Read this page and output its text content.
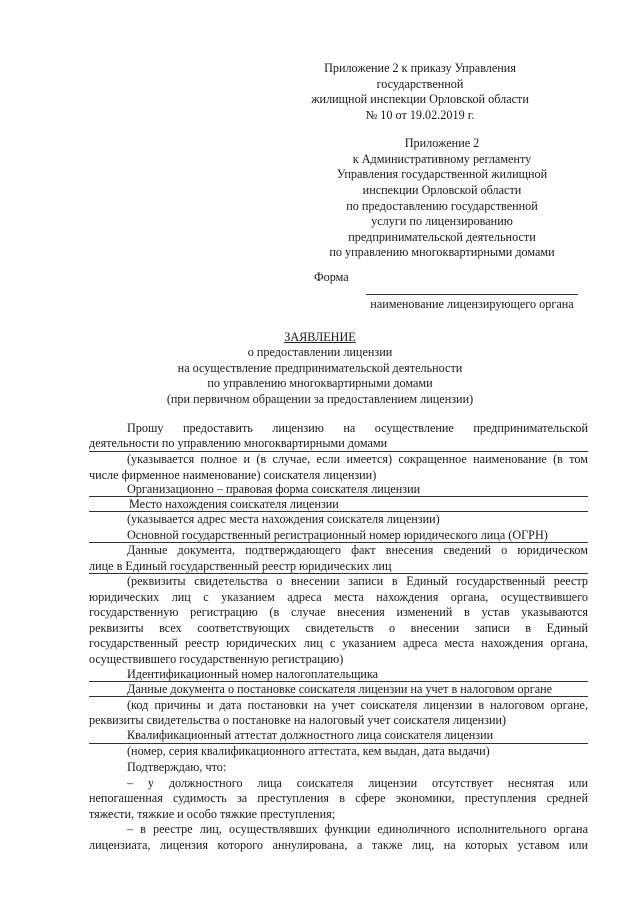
Приложение 2 к приказу Управления
государственной
жилищной инспекции Орловской области
№ 10 от 19.02.2019 г.
Приложение 2
к Административному регламенту
Управления государственной жилищной
инспекции Орловской области
по предоставлению государственной
услуги по лицензированию
предпринимательской деятельности
по управлению многоквартирными домами
Форма
наименование лицензирующего органа
ЗАЯВЛЕНИЕ
о предоставлении лицензии
на осуществление предпринимательской деятельности
по управлению многоквартирными домами
(при первичном обращении за предоставлением лицензии)
Прошу предоставить лицензию на осуществление предпринимательской
деятельности по управлению многоквартирными домами
(указывается полное и (в случае, если имеется) сокращенное наименование (в том
числе фирменное наименование) соискателя лицензии)
Организационно – правовая форма соискателя лицензии
Место нахождения соискателя лицензии
(указывается адрес места нахождения соискателя лицензии)
Основной государственный регистрационный номер юридического лица (ОГРН)
Данные документа, подтверждающего факт внесения сведений о юридическом
лице в Единый государственный реестр юридических лиц
(реквизиты свидетельства о внесении записи в Единый государственный реестр
юридических лиц с указанием адреса места нахождения органа, осуществившего
государственную регистрацию (в случае внесения изменений в устав указываются
реквизиты всех соответствующих свидетельств о внесении записи в Единый
государственный реестр юридических лиц с указанием адреса места нахождения органа,
осуществившего государственную регистрацию)
Идентификационный номер налогоплательщика
Данные документа о постановке соискателя лицензии на учет в налоговом органе
(код причины и дата постановки на учет соискателя лицензии в налоговом органе,
реквизиты свидетельства о постановке на налоговый учет соискателя лицензии)
Квалификационный аттестат должностного лица соискателя лицензии
(номер, серия квалификационного аттестата, кем выдан, дата выдачи)
Подтверждаю, что:
– у должностного лица соискателя лицензии отсутствует неснятая или
непогашенная судимость за преступления в сфере экономики, преступления средней
тяжести, тяжкие и особо тяжкие преступления;
– в реестре лиц, осуществлявших функции единоличного исполнительного органа
лицензиата, лицензия которого аннулирована, а также лиц, на которых уставом или
